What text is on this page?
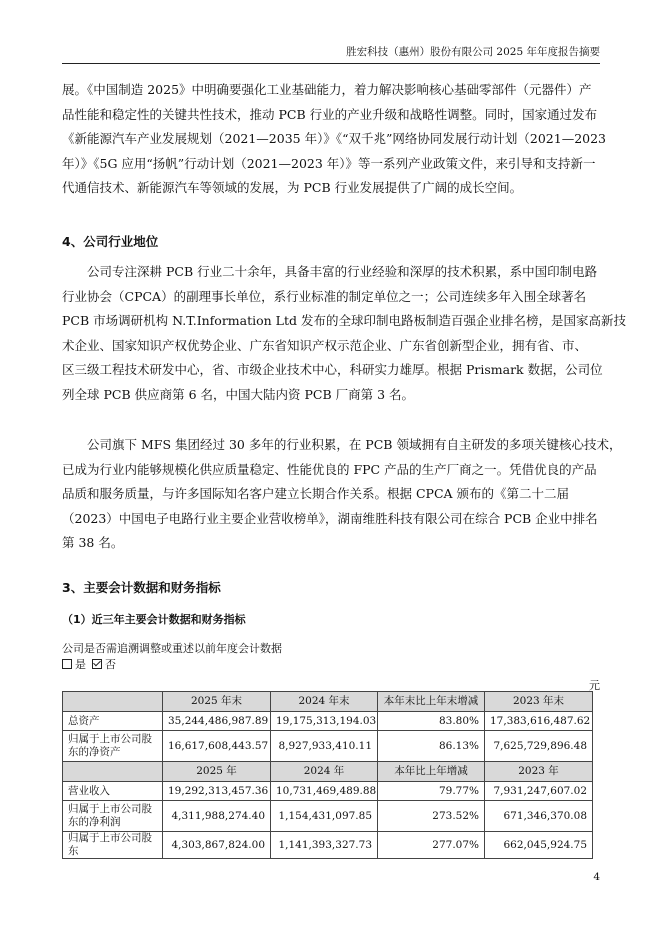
胜宏科技（惠州）股份有限公司 2025 年年度报告摘要
展。《中国制造 2025》中明确要强化工业基础能力，着力解决影响核心基础零部件（元器件）产
品性能和稳定性的关键共性技术，推动 PCB 行业的产业升级和战略性调整。同时，国家通过发布
《新能源汽车产业发展规划（2021—2035 年）》《“双千兆”网络协同发展行动计划（2021—2023
年）》《5G 应用“扬帆”行动计划（2021—2023 年）》等一系列产业政策文件，来引导和支持新一
代通信技术、新能源汽车等领域的发展，为 PCB 行业发展提供了广阔的成长空间。
4、公司行业地位
　　公司专注深耕 PCB 行业二十余年，具备丰富的行业经验和深厚的技术积累，系中国印制电路
行业协会（CPCA）的副理事长单位，系行业标准的制定单位之一；公司连续多年入围全球著名
PCB 市场调研机构 N.T.Information Ltd 发布的全球印制电路板制造百强企业排名榜，是国家高新技
术企业、国家知识产权优势企业、广东省知识产权示范企业、广东省创新型企业，拥有省、市、
区三级工程技术研发中心，省、市级企业技术中心，科研实力雄厚。根据 Prismark 数据，公司位
列全球 PCB 供应商第 6 名，中国大陆内资 PCB 厂商第 3 名。
　　公司旗下 MFS 集团经过 30 多年的行业积累，在 PCB 领域拥有自主研发的多项关键核心技术，
已成为行业内能够规模化供应质量稳定、性能优良的 FPC 产品的生产厂商之一。凭借优良的产品
品质和服务质量，与许多国际知名客户建立长期合作关系。根据 CPCA 颁布的《第二十二届
（2023）中国电子电路行业主要企业营收榜单》，湖南维胜科技有限公司在综合 PCB 企业中排名
第 38 名。
3、主要会计数据和财务指标
（1）近三年主要会计数据和财务指标
公司是否需追溯调整或重述以前年度会计数据
是 否
元
	2025 年末	2024 年末	本年末比上年末增减	2023 年末
总资产	35,244,486,987.89	19,175,313,194.03	83.80%	17,383,616,487.62
归属于上市公司股东的净资产	16,617,608,443.57	8,927,933,410.11	86.13%	7,625,729,896.48
	2025 年	2024 年	本年比上年增减	2023 年
营业收入	19,292,313,457.36	10,731,469,489.88	79.77%	7,931,247,607.02
归属于上市公司股东的净利润	4,311,988,274.40	1,154,431,097.85	273.52%	671,346,370.08
归属于上市公司股东	4,303,867,824.00	1,141,393,327.73	277.07%	662,045,924.75
4
